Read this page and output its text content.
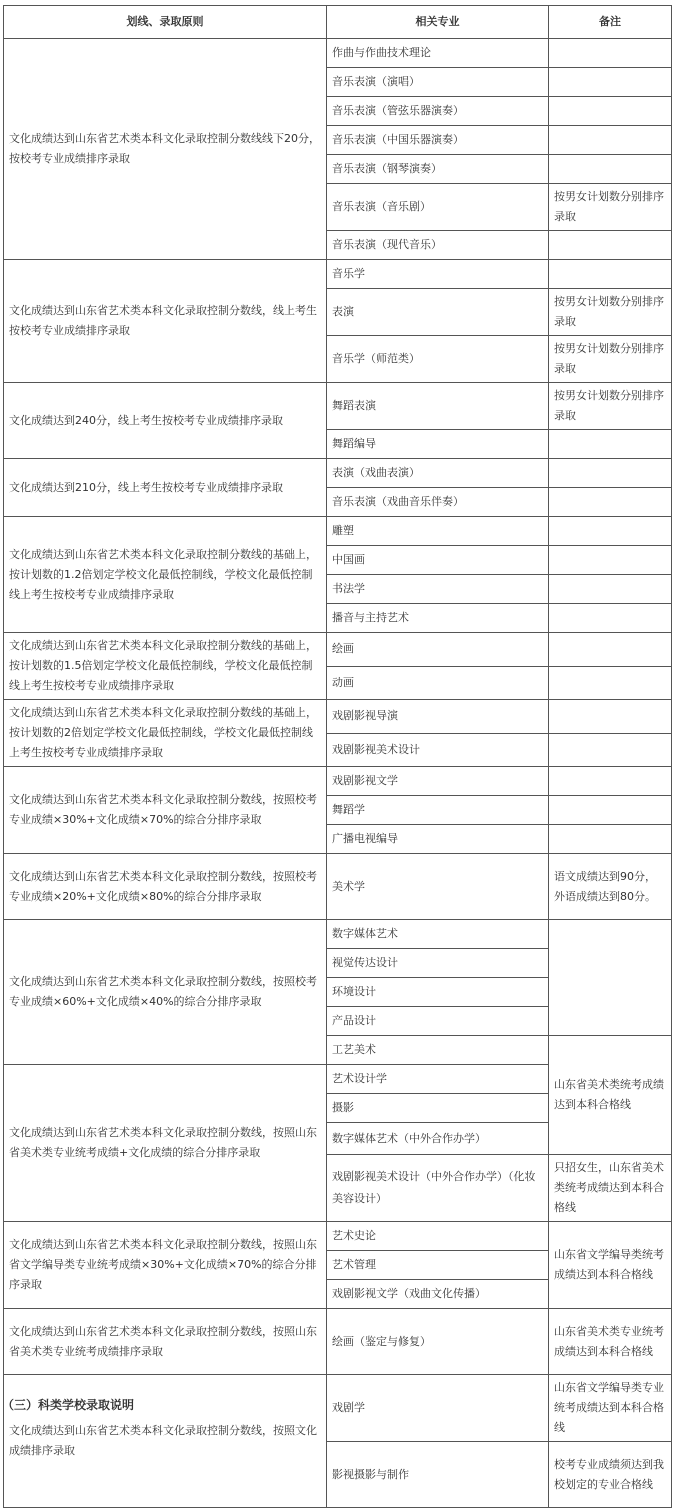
划线、录取原则	相关专业	备注
文化成绩达到山东省艺术类本科文化录取控制分数线线下20分，按校考专业成绩排序录取	作曲与作曲技术理论	
	音乐表演（演唱）	
	音乐表演（管弦乐器演奏）	
	音乐表演（中国乐器演奏）	
	音乐表演（钢琴演奏）	
	音乐表演（音乐剧）	按男女计划数分别排序录取
	音乐表演（现代音乐）	
文化成绩达到山东省艺术类本科文化录取控制分数线，线上考生按校考专业成绩排序录取	音乐学	
	表演	按男女计划数分别排序录取
	音乐学（师范类）	按男女计划数分别排序录取
文化成绩达到240分，线上考生按校考专业成绩排序录取	舞蹈表演	按男女计划数分别排序录取
	舞蹈编导	
文化成绩达到210分，线上考生按校考专业成绩排序录取	表演（戏曲表演）	
	音乐表演（戏曲音乐伴奏）	
文化成绩达到山东省艺术类本科文化录取控制分数线的基础上，按计划数的1.2倍划定学校文化最低控制线，学校文化最低控制线上考生按校考专业成绩排序录取	雕塑	
	中国画	
	书法学	
	播音与主持艺术	
文化成绩达到山东省艺术类本科文化录取控制分数线的基础上，按计划数的1.5倍划定学校文化最低控制线，学校文化最低控制线上考生按校考专业成绩排序录取	绘画	
	动画	
文化成绩达到山东省艺术类本科文化录取控制分数线的基础上，按计划数的2倍划定学校文化最低控制线，学校文化最低控制线上考生按校考专业成绩排序录取	戏剧影视导演	
	戏剧影视美术设计	
文化成绩达到山东省艺术类本科文化录取控制分数线，按照校考专业成绩×30%+文化成绩×70%的综合分排序录取	戏剧影视文学	
	舞蹈学	
	广播电视编导	
文化成绩达到山东省艺术类本科文化录取控制分数线，按照校考专业成绩×20%+文化成绩×80%的综合分排序录取	美术学	语文成绩达到90分，外语成绩达到80分。
文化成绩达到山东省艺术类本科文化录取控制分数线，按照校考专业成绩×60%+文化成绩×40%的综合分排序录取	数字媒体艺术	
	视觉传达设计	
	环境设计	
	产品设计	
	工艺美术	山东省美术类统考成绩达到本科合格线
文化成绩达到山东省艺术类本科文化录取控制分数线，按照山东省美术类专业统考成绩+文化成绩的综合分排序录取	艺术设计学	
	摄影	
	数字媒体艺术（中外合作办学）	
	戏剧影视美术设计（中外合作办学）（化妆美容设计）	只招女生，山东省美术类统考成绩达到本科合格线
文化成绩达到山东省艺术类本科文化录取控制分数线，按照山东省文学编导类专业统考成绩×30%+文化成绩×70%的综合分排序录取	艺术史论	山东省文学编导类统考成绩达到本科合格线
	艺术管理	
	戏剧影视文学（戏曲文化传播）	
文化成绩达到山东省艺术类本科文化录取控制分数线，按照山东省美术类专业统考成绩排序录取	绘画（鉴定与修复）	山东省美术类专业统考成绩达到本科合格线
文化成绩达到山东省艺术类本科文化录取控制分数线，按照文化成绩排序录取	戏剧学	山东省文学编导类专业统考成绩达到本科合格线
	影视摄影与制作	校考专业成绩须达到我校划定的专业合格线
（三）科类学校录取说明
